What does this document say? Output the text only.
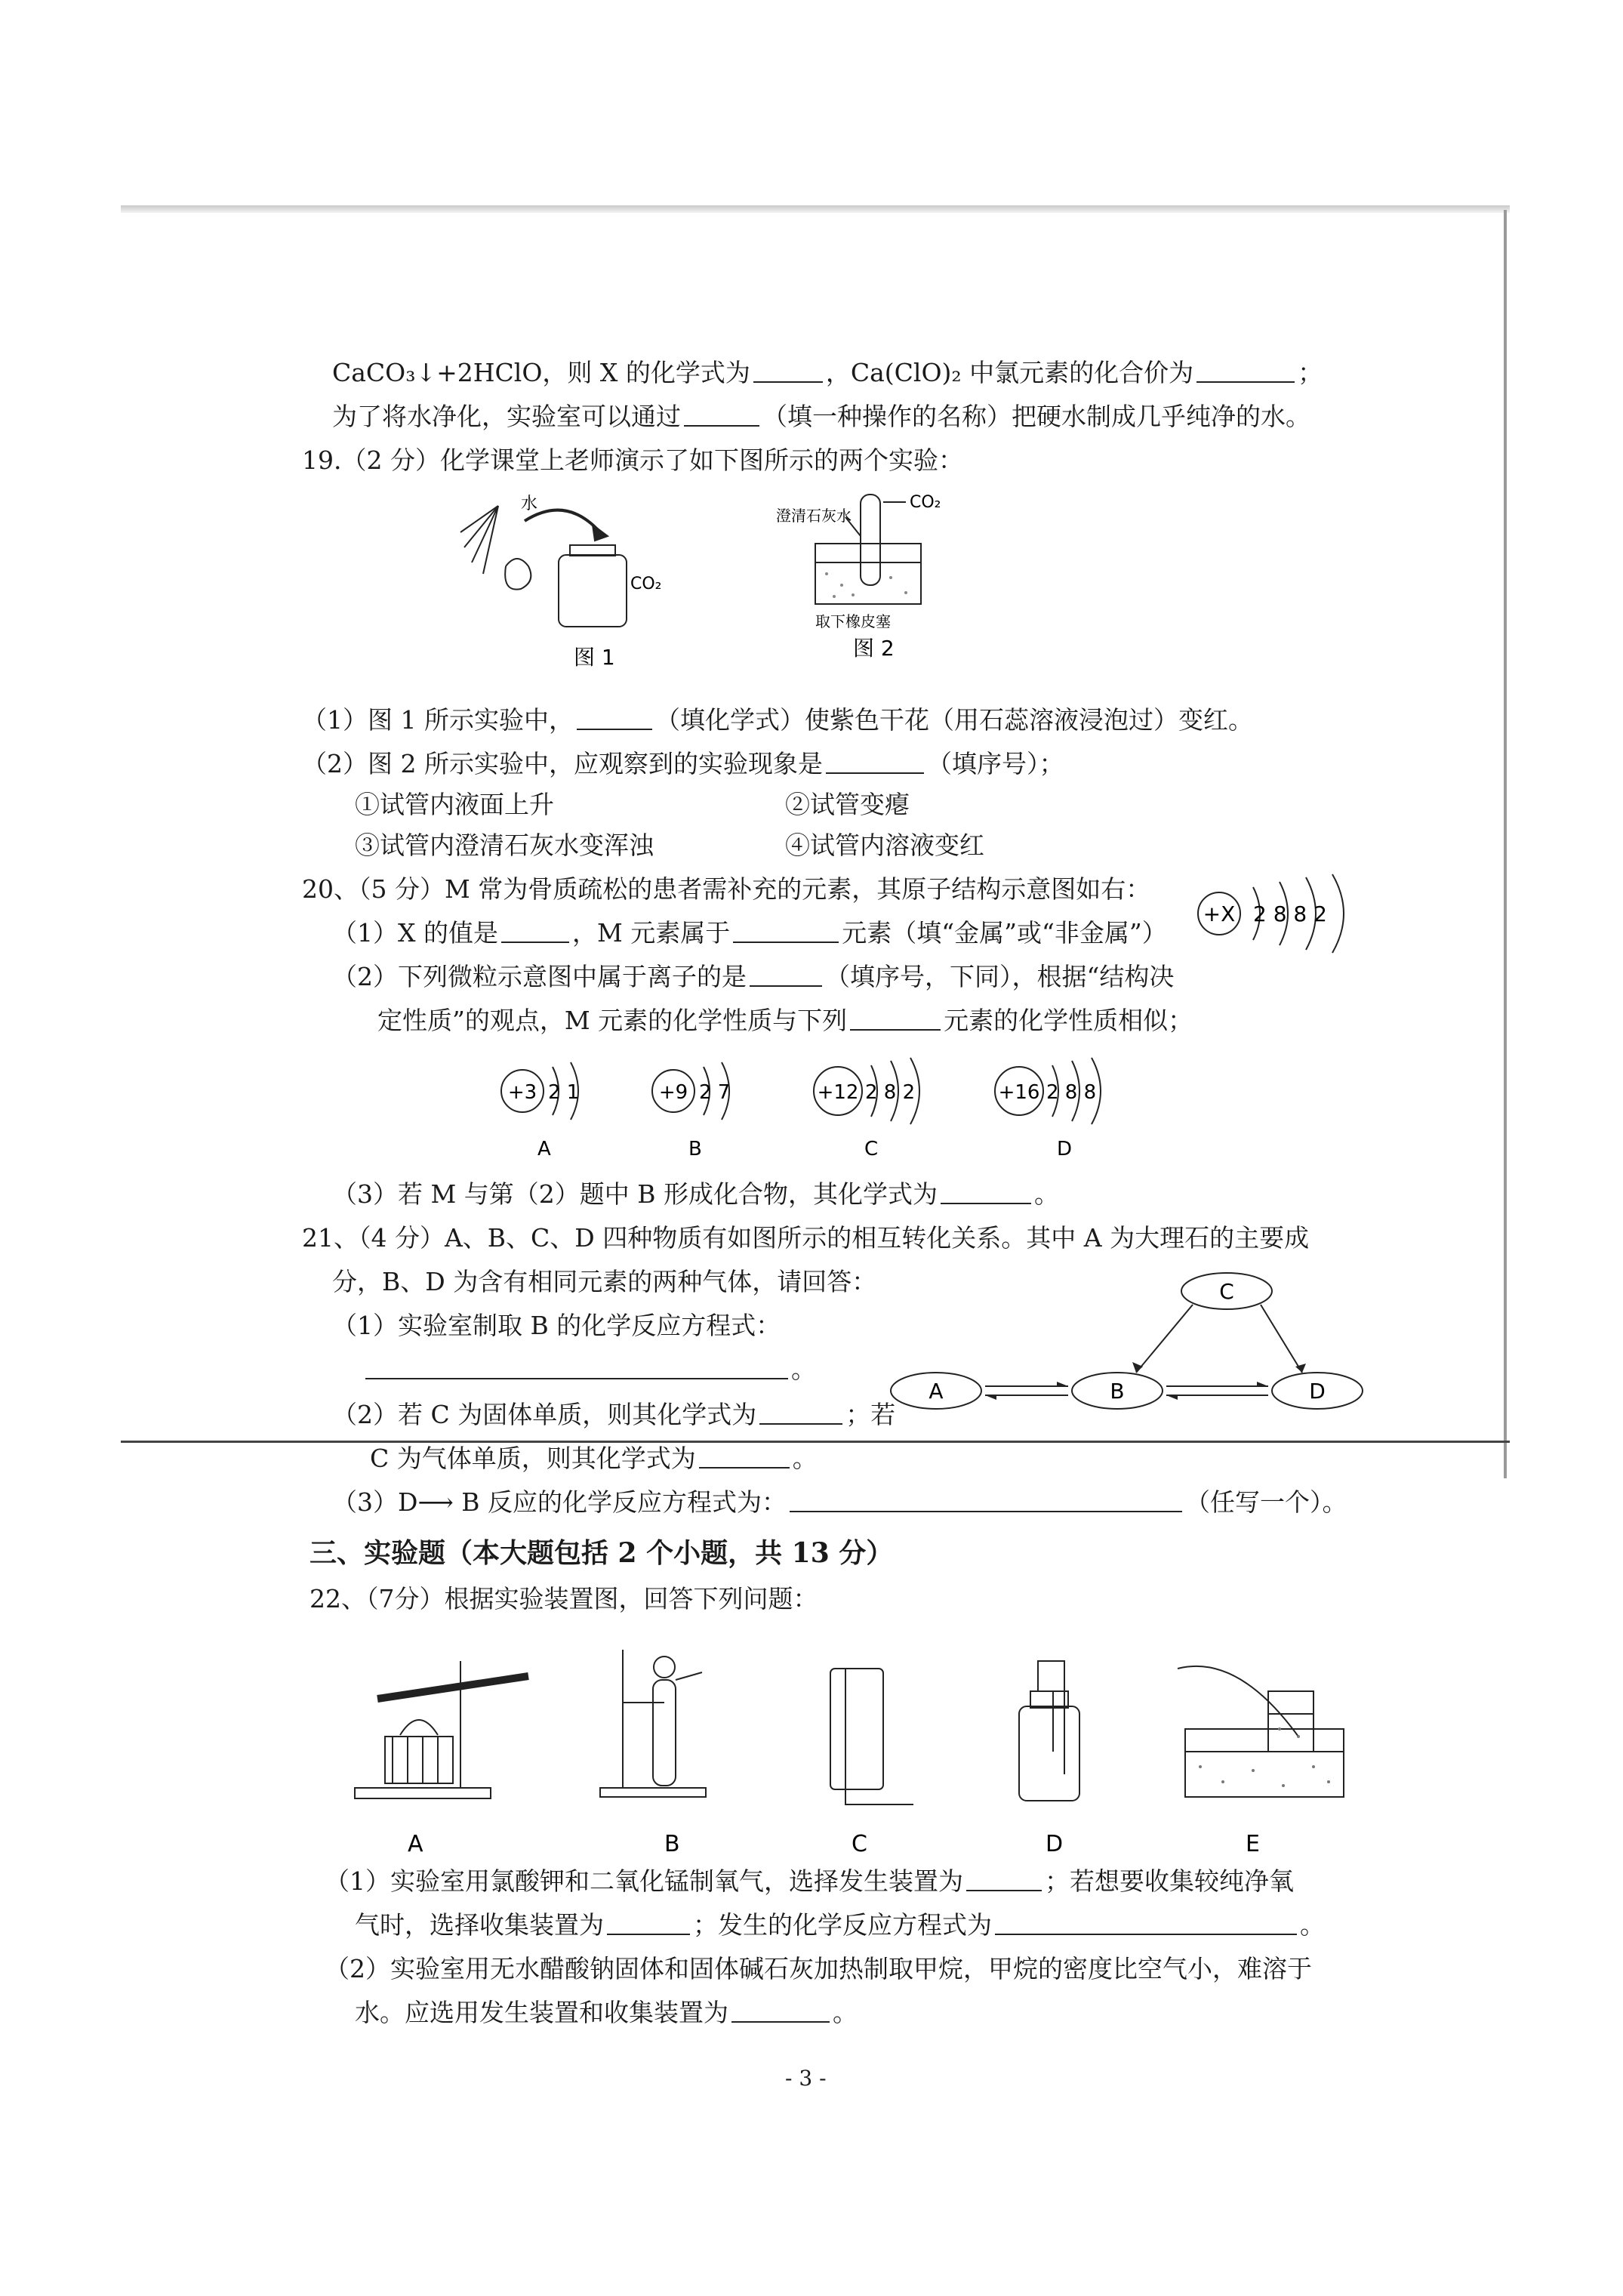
CaCO₃↓+2HClO，则 X 的化学式为	，Ca(ClO)₂ 中氯元素的化合价为	；
为了将水净化，实验室可以通过	（填一种操作的名称）把硬水制成几乎纯净的水。
19.（2 分）化学课堂上老师演示了如下图所示的两个实验：
水
CO₂
图 1
澄清石灰水
CO₂
取下橡皮塞
图 2
（1）图 1 所示实验中，	（填化学式）使紫色干花（用石蕊溶液浸泡过）变红。
（2）图 2 所示实验中，应观察到的实验现象是	（填序号）；
①试管内液面上升	②试管变瘪
③试管内澄清石灰水变浑浊	④试管内溶液变红
20、（5 分）M 常为骨质疏松的患者需补充的元素，其原子结构示意图如右：
（1）X 的值是	，M 元素属于	元素（填“金属”或“非金属”）
+X 2 8 8 2
（2）下列微粒示意图中属于离子的是	（填序号，下同），根据“结构决
定性质”的观点，M 元素的化学性质与下列	元素的化学性质相似；
+3 2 1
A
+9 2 7
B
+12 2 8 2
C
+16 2 8 8
D
（3）若 M 与第（2）题中 B 形成化合物，其化学式为	。
21、（4 分）A、B、C、D 四种物质有如图所示的相互转化关系。其中 A 为大理石的主要成
分，B、D 为含有相同元素的两种气体，请回答：
（1）实验室制取 B 的化学反应方程式：
。
C
A	B	D
（2）若 C 为固体单质，则其化学式为	；若
C 为气体单质，则其化学式为	。
（3）D⟶ B 反应的化学反应方程式为：	（任写一个）。
三、实验题（本大题包括 2 个小题，共 13 分）
22、（7分）根据实验装置图，回答下列问题：
A	B	C	D	E
（1）实验室用氯酸钾和二氧化锰制氧气，选择发生装置为	；若想要收集较纯净氧
气时，选择收集装置为	；发生的化学反应方程式为	。
（2）实验室用无水醋酸钠固体和固体碱石灰加热制取甲烷，甲烷的密度比空气小，难溶于
水。应选用发生装置和收集装置为	。
- 3 -
